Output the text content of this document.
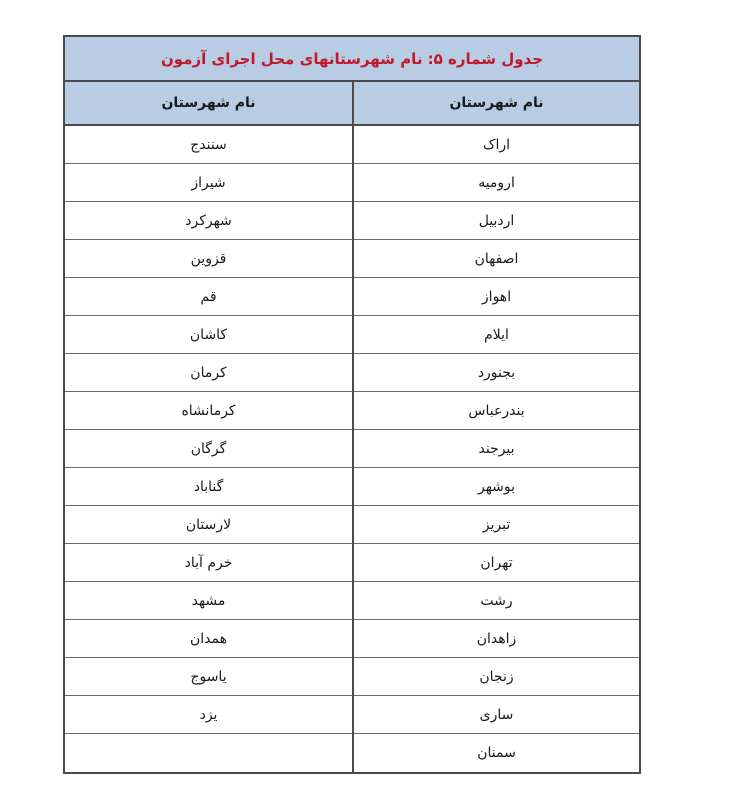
جدول شماره ۵: نام شهرستانهای محل اجرای آزمون
نام شهرستان
اراک
ارومیه
اردبیل
اصفهان
اهواز
ایلام
بجنورد
بندرعباس
بیرجند
بوشهر
تبریز
تهران
رشت
زاهدان
زنجان
ساری
سمنان
نام شهرستان
سنندج
شیراز
شهرکرد
قزوین
قم
کاشان
کرمان
کرمانشاه
گرگان
گناباد
لارستان
خرم آباد
مشهد
همدان
یاسوج
یزد
